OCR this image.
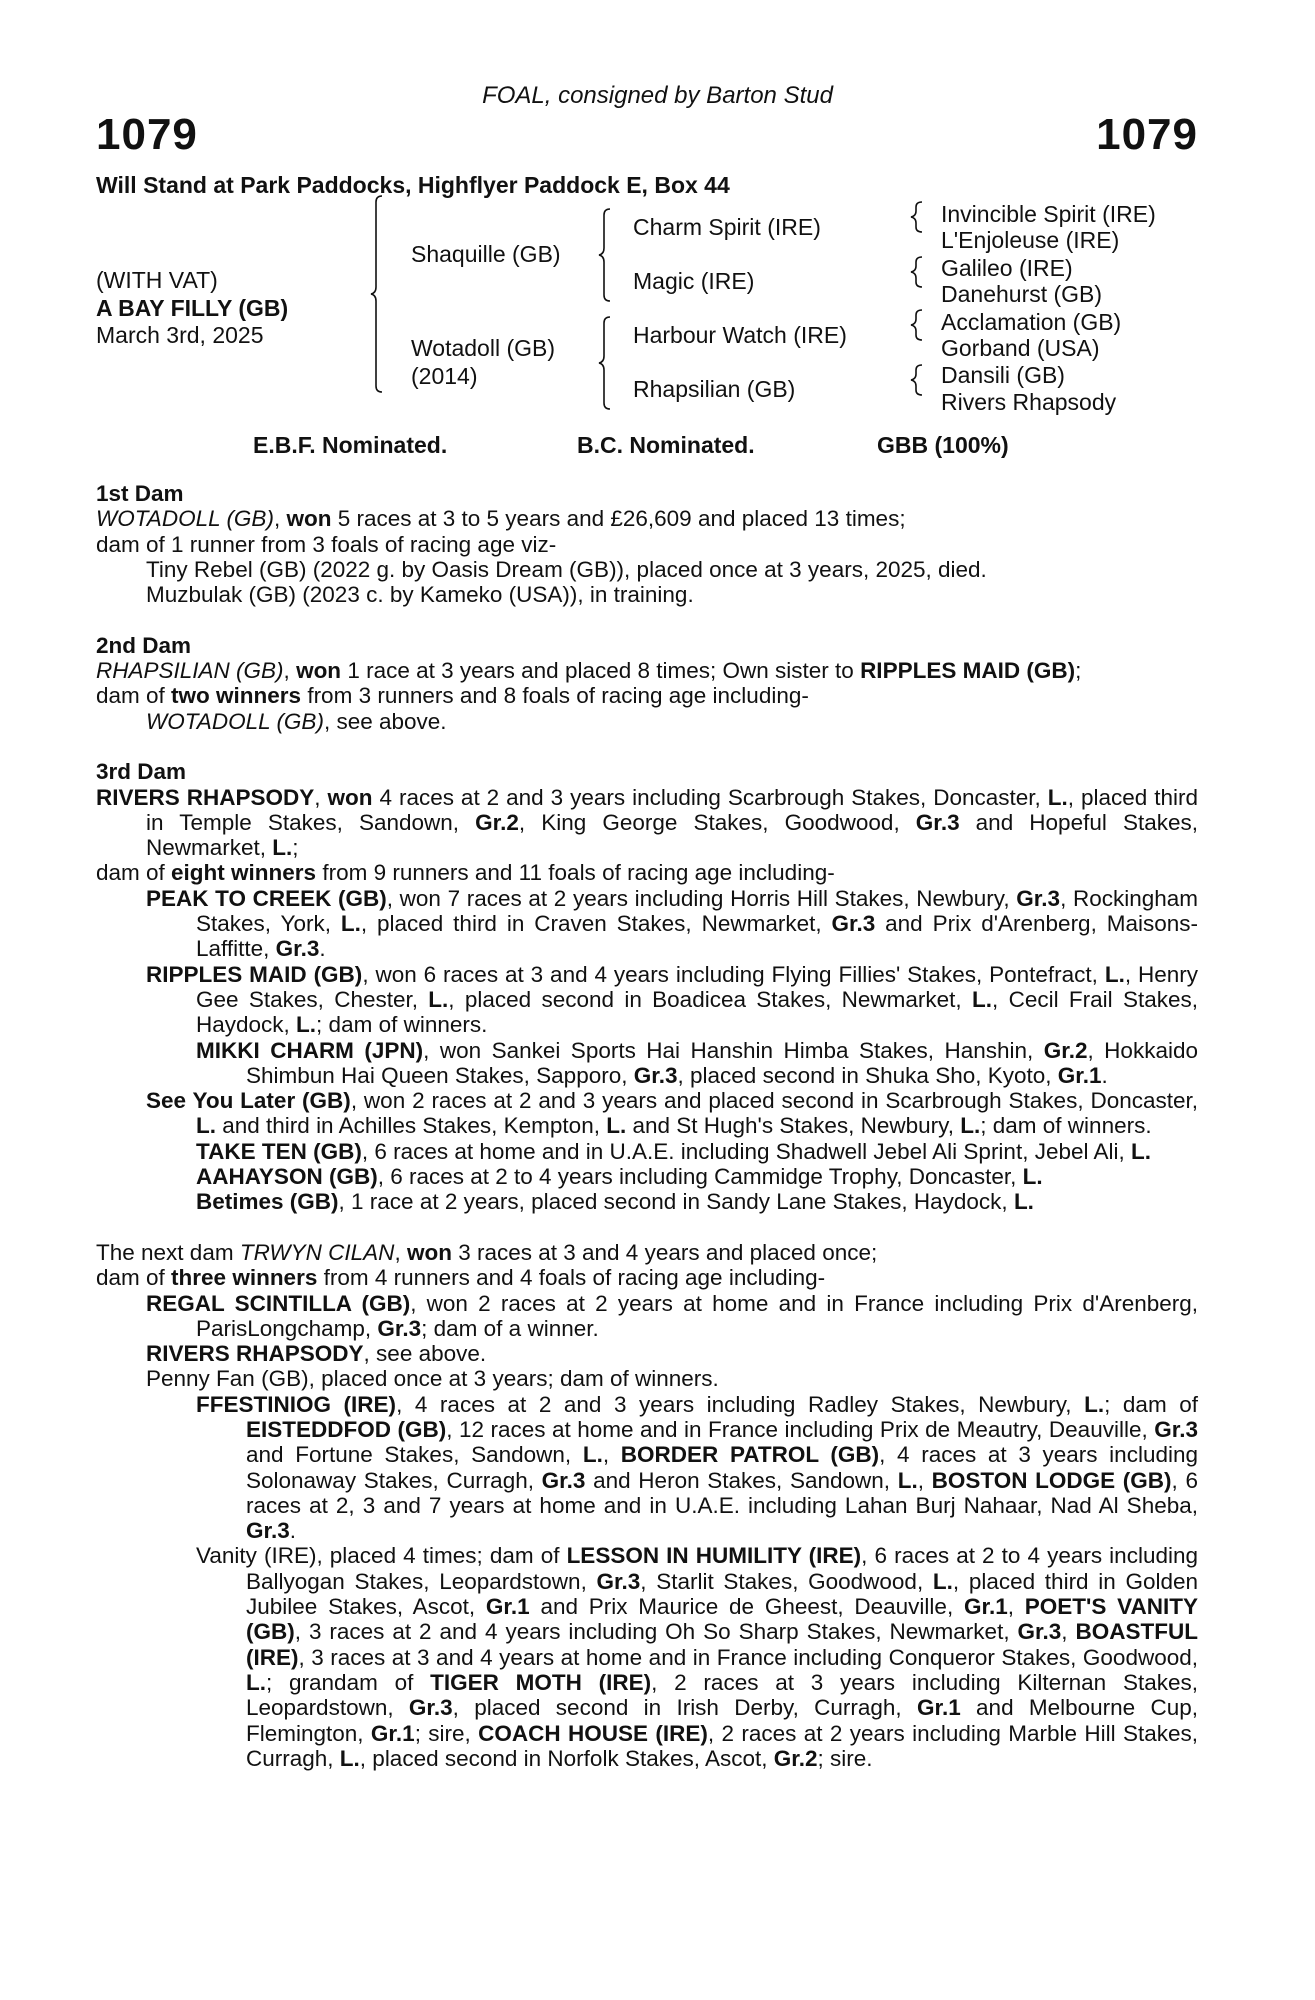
FOAL, consigned by Barton Stud
1079	1079
Will Stand at Park Paddocks, Highflyer Paddock E, Box 44
(WITH VAT)
A BAY FILLY (GB)
March 3rd, 2025
Shaquille (GB)
Wotadoll (GB)
(2014)
Charm Spirit (IRE)
Magic (IRE)
Harbour Watch (IRE)
Rhapsilian (GB)
Invincible Spirit (IRE)
L'Enjoleuse (IRE)
Galileo (IRE)
Danehurst (GB)
Acclamation (GB)
Gorband (USA)
Dansili (GB)
Rivers Rhapsody
E.B.F. Nominated.	B.C. Nominated.	GBB (100%)
1st Dam
WOTADOLL (GB), won 5 races at 3 to 5 years and £26,609 and placed 13 times;
dam of 1 runner from 3 foals of racing age viz-
Tiny Rebel (GB) (2022 g. by Oasis Dream (GB)), placed once at 3 years, 2025, died.
Muzbulak (GB) (2023 c. by Kameko (USA)), in training.
2nd Dam
RHAPSILIAN (GB), won 1 race at 3 years and placed 8 times; Own sister to RIPPLES MAID (GB);
dam of two winners from 3 runners and 8 foals of racing age including-
WOTADOLL (GB), see above.
3rd Dam
RIVERS RHAPSODY, won 4 races at 2 and 3 years including Scarbrough Stakes, Doncaster, L., placed third in Temple Stakes, Sandown, Gr.2, King George Stakes, Goodwood, Gr.3 and Hopeful Stakes, Newmarket, L.;
dam of eight winners from 9 runners and 11 foals of racing age including-
PEAK TO CREEK (GB), won 7 races at 2 years including Horris Hill Stakes, Newbury, Gr.3, Rockingham Stakes, York, L., placed third in Craven Stakes, Newmarket, Gr.3 and Prix d'Arenberg, Maisons-Laffitte, Gr.3.
RIPPLES MAID (GB), won 6 races at 3 and 4 years including Flying Fillies' Stakes, Pontefract, L., Henry Gee Stakes, Chester, L., placed second in Boadicea Stakes, Newmarket, L., Cecil Frail Stakes, Haydock, L.; dam of winners.
MIKKI CHARM (JPN), won Sankei Sports Hai Hanshin Himba Stakes, Hanshin, Gr.2, Hokkaido Shimbun Hai Queen Stakes, Sapporo, Gr.3, placed second in Shuka Sho, Kyoto, Gr.1.
See You Later (GB), won 2 races at 2 and 3 years and placed second in Scarbrough Stakes, Doncaster, L. and third in Achilles Stakes, Kempton, L. and St Hugh's Stakes, Newbury, L.; dam of winners.
TAKE TEN (GB), 6 races at home and in U.A.E. including Shadwell Jebel Ali Sprint, Jebel Ali, L.
AAHAYSON (GB), 6 races at 2 to 4 years including Cammidge Trophy, Doncaster, L.
Betimes (GB), 1 race at 2 years, placed second in Sandy Lane Stakes, Haydock, L.
The next dam TRWYN CILAN, won 3 races at 3 and 4 years and placed once;
dam of three winners from 4 runners and 4 foals of racing age including-
REGAL SCINTILLA (GB), won 2 races at 2 years at home and in France including Prix d'Arenberg, ParisLongchamp, Gr.3; dam of a winner.
RIVERS RHAPSODY, see above.
Penny Fan (GB), placed once at 3 years; dam of winners.
FFESTINIOG (IRE), 4 races at 2 and 3 years including Radley Stakes, Newbury, L.; dam of EISTEDDFOD (GB), 12 races at home and in France including Prix de Meautry, Deauville, Gr.3 and Fortune Stakes, Sandown, L., BORDER PATROL (GB), 4 races at 3 years including Solonaway Stakes, Curragh, Gr.3 and Heron Stakes, Sandown, L., BOSTON LODGE (GB), 6 races at 2, 3 and 7 years at home and in U.A.E. including Lahan Burj Nahaar, Nad Al Sheba, Gr.3.
Vanity (IRE), placed 4 times; dam of LESSON IN HUMILITY (IRE), 6 races at 2 to 4 years including Ballyogan Stakes, Leopardstown, Gr.3, Starlit Stakes, Goodwood, L., placed third in Golden Jubilee Stakes, Ascot, Gr.1 and Prix Maurice de Gheest, Deauville, Gr.1, POET'S VANITY (GB), 3 races at 2 and 4 years including Oh So Sharp Stakes, Newmarket, Gr.3, BOASTFUL (IRE), 3 races at 3 and 4 years at home and in France including Conqueror Stakes, Goodwood, L.; grandam of TIGER MOTH (IRE), 2 races at 3 years including Kilternan Stakes, Leopardstown, Gr.3, placed second in Irish Derby, Curragh, Gr.1 and Melbourne Cup, Flemington, Gr.1; sire, COACH HOUSE (IRE), 2 races at 2 years including Marble Hill Stakes, Curragh, L., placed second in Norfolk Stakes, Ascot, Gr.2; sire.
